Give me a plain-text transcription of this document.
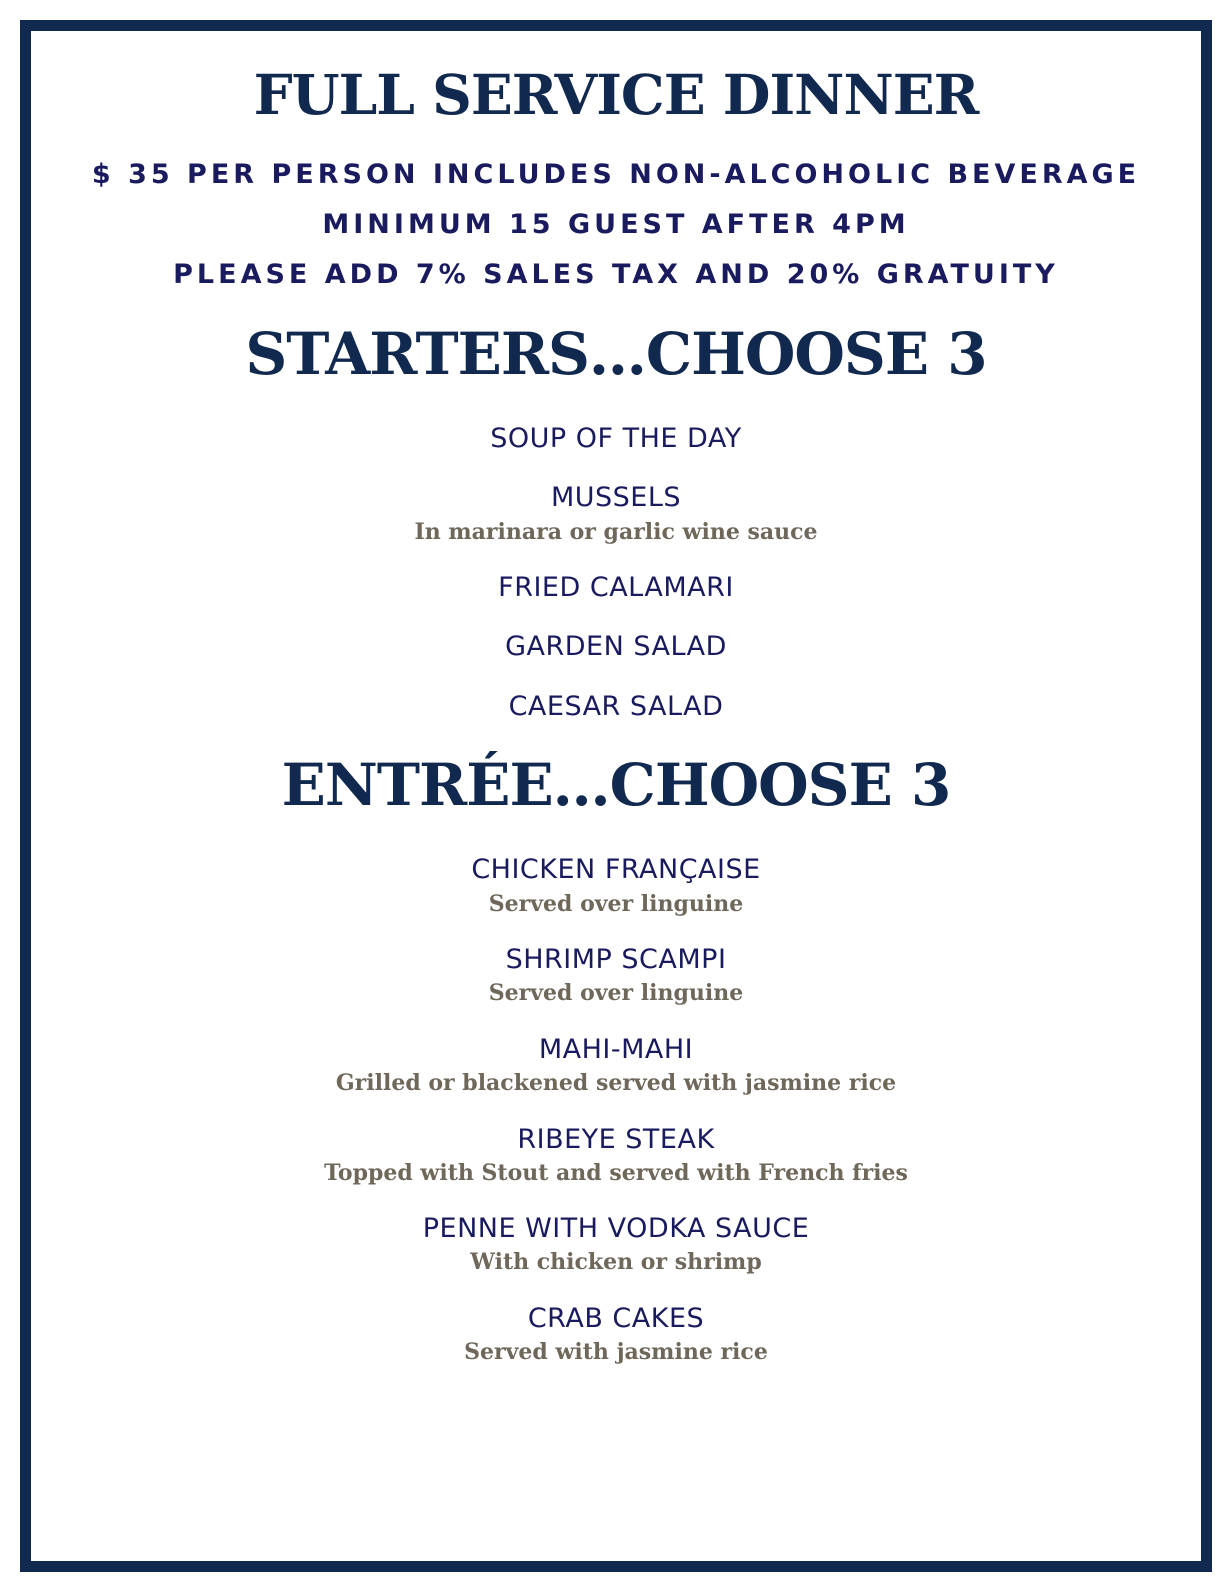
FULL SERVICE DINNER
$ 35 PER PERSON INCLUDES NON-ALCOHOLIC BEVERAGE
MINIMUM 15 GUEST AFTER 4PM
PLEASE ADD 7% SALES TAX AND 20% GRATUITY
STARTERS…CHOOSE 3
SOUP OF THE DAY
MUSSELS
In marinara or garlic wine sauce
FRIED CALAMARI
GARDEN SALAD
CAESAR SALAD
ENTRÉE…CHOOSE 3
CHICKEN FRANÇAISE
Served over linguine
SHRIMP SCAMPI
Served over linguine
MAHI-MAHI
Grilled or blackened served with jasmine rice
RIBEYE STEAK
Topped with Stout and served with French fries
PENNE WITH VODKA SAUCE
With chicken or shrimp
CRAB CAKES
Served with jasmine rice
